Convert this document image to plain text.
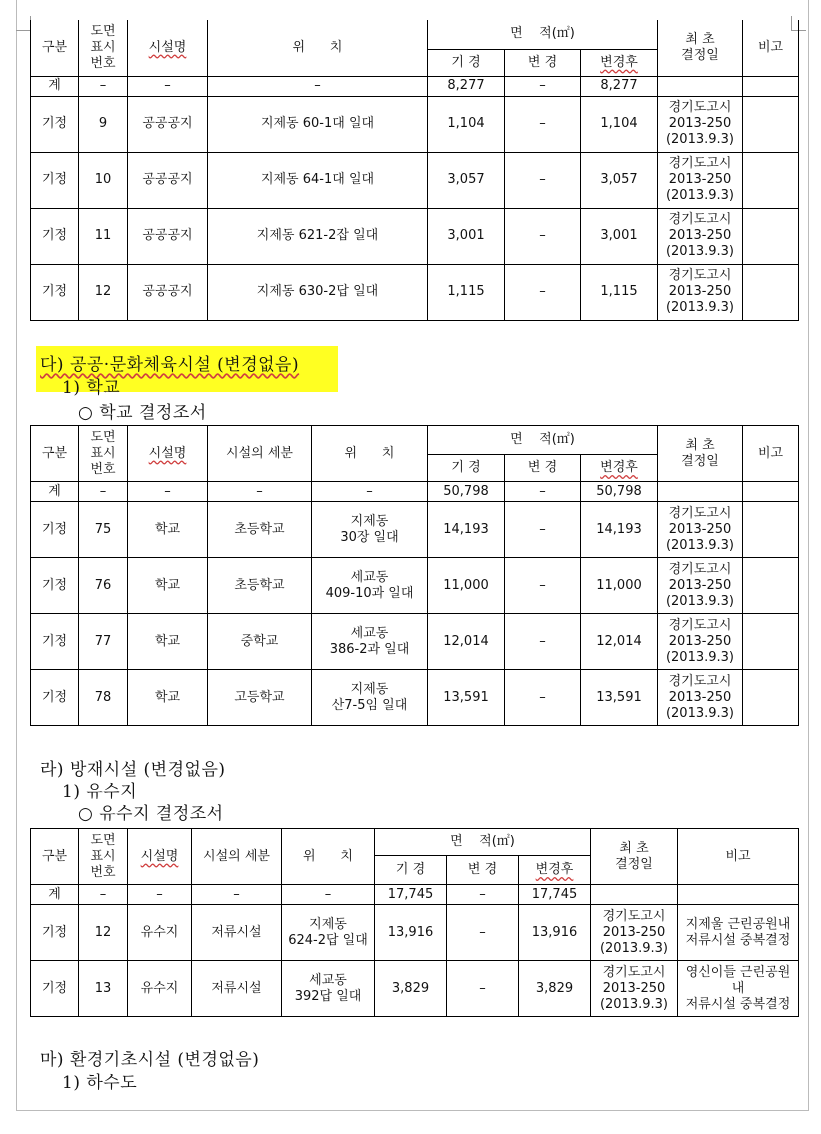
구분	도면
표시
번호	시설명	위      치	면    적(㎡)			최 초
결정일	비고
				기 경	변 경	변경후		
계	–	–	–	8,277	–	8,277		
기정	9	공공공지	지제동 60-1대 일대	1,104	–	1,104	경기도고시
2013-250
(2013.9.3)	

기정	10	공공공지	지제동 64-1대 일대	3,057	–	3,057	경기도고시
2013-250
(2013.9.3)	

기정	11	공공공지	지제동 621-2잡 일대	3,001	–	3,001	경기도고시
2013-250
(2013.9.3)	

기정	12	공공공지	지제동 630-2답 일대	1,115	–	1,115	경기도고시
2013-250
(2013.9.3)	

다) 공공·문화체육시설 (변경없음)
1) 학교
○ 학교 결정조서
구분	도면
표시
번호	시설명	시설의 세분	위      치	면    적(㎡)			최 초
결정일	비고
					기 경	변 경	변경후		
계	–	–	–	–	50,798	–	50,798		
기정	75	학교	초등학교	지제동
30장 일대	14,193	–	14,193	경기도고시
2013-250
(2013.9.3)	

기정	76	학교	초등학교	세교동
409-10과 일대	11,000	–	11,000	경기도고시
2013-250
(2013.9.3)	

기정	77	학교	중학교	세교동
386-2과 일대	12,014	–	12,014	경기도고시
2013-250
(2013.9.3)	

기정	78	학교	고등학교	지제동
산7-5임 일대	13,591	–	13,591	경기도고시
2013-250
(2013.9.3)	

라) 방재시설 (변경없음)
1) 유수지
○ 유수지 결정조서
구분	도면
표시
번호	시설명	시설의 세분	위      치	면    적(㎡)			최 초
결정일	비고
					기 경	변 경	변경후		
계	–	–	–	–	17,745	–	17,745		
기정	12	유수지	저류시설	지제동
624-2답 일대	13,916	–	13,916	경기도고시
2013-250
(2013.9.3)	지제울 근린공원내
저류시설 중복결정

기정	13	유수지	저류시설	세교동
392답 일대	3,829	–	3,829	경기도고시
2013-250
(2013.9.3)	영신이들 근린공원내
저류시설 중복결정
마) 환경기초시설 (변경없음)
1) 하수도
